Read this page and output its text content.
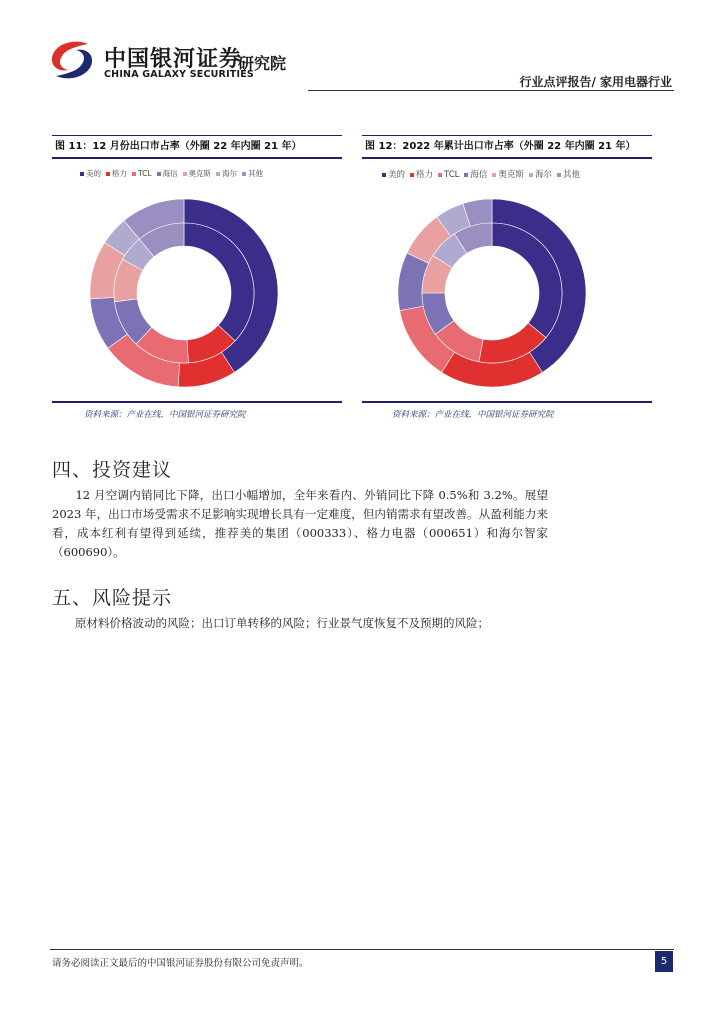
中国银河证券
CHINA GALAXY SECURITIES
研究院
行业点评报告/ 家用电器行业
图 11：12 月份出口市占率（外圈 22 年内圈 21 年）
美的 格力 TCL 海信 奥克斯 海尔 其他
资料来源：产业在线，中国银河证券研究院
图 12：2022 年累计出口市占率（外圈 22 年内圈 21 年）
美的 格力 TCL 海信 奥克斯 海尔 其他
资料来源：产业在线，中国银河证券研究院
四、投资建议
　　12 月空调内销同比下降，出口小幅增加，全年来看内、外销同比下降 0.5%和 3.2%。展望 2023 年，出口市场受需求不足影响实现增长具有一定难度，但内销需求有望改善。从盈利能力来看，成本红利有望得到延续，推荐美的集团（000333）、格力电器（000651）和海尔智家（600690）。
五、风险提示
　　原材料价格波动的风险；出口订单转移的风险；行业景气度恢复不及预期的风险；
请务必阅读正文最后的中国银河证券股份有限公司免责声明。	5
